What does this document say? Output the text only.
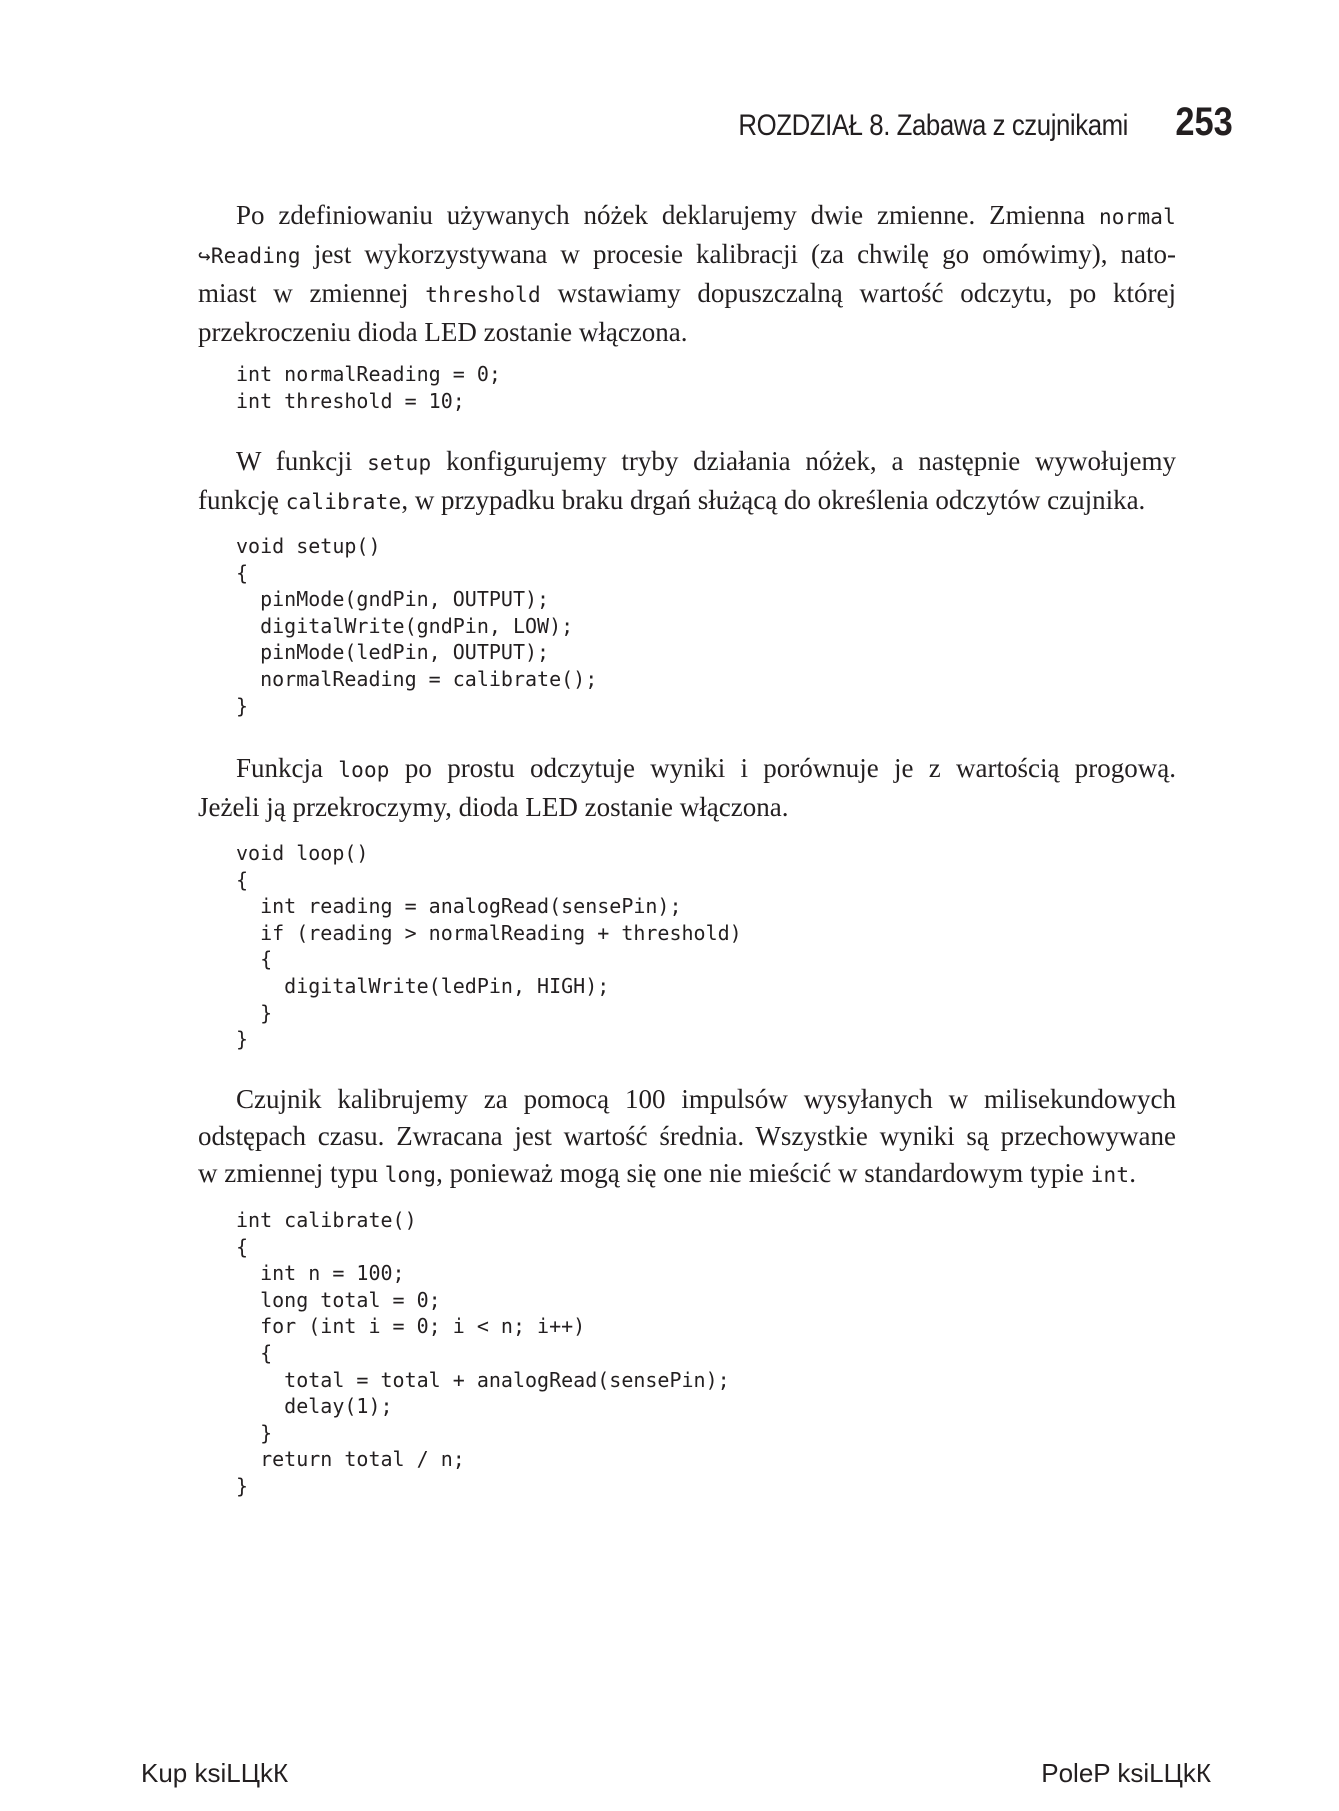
ROZDZIAŁ 8. Zabawa z czujnikami 253
Po zdefiniowaniu używanych nóżek deklarujemy dwie zmienne. Zmienna normal
↪Reading jest wykorzystywana w procesie kalibracji (za chwilę go omówimy), nato-
miast w zmiennej threshold wstawiamy dopuszczalną wartość odczytu, po której
przekroczeniu dioda LED zostanie włączona.
int normalReading = 0;
int threshold = 10;
W funkcji setup konfigurujemy tryby działania nóżek, a następnie wywołujemy
funkcję calibrate, w przypadku braku drgań służącą do określenia odczytów czujnika.
void setup()
{
pinMode(gndPin, OUTPUT);
digitalWrite(gndPin, LOW);
pinMode(ledPin, OUTPUT);
normalReading = calibrate();
}
Funkcja loop po prostu odczytuje wyniki i porównuje je z wartością progową.
Jeżeli ją przekroczymy, dioda LED zostanie włączona.
void loop()
{
int reading = analogRead(sensePin);
if (reading > normalReading + threshold)
{
digitalWrite(ledPin, HIGH);
}
}
Czujnik kalibrujemy za pomocą 100 impulsów wysyłanych w milisekundowych
odstępach czasu. Zwracana jest wartość średnia. Wszystkie wyniki są przechowywane
w zmiennej typu long, ponieważ mogą się one nie mieścić w standardowym typie int.
int calibrate()
{
int n = 100;
long total = 0;
for (int i = 0; i < n; i++)
{
total = total + analogRead(sensePin);
delay(1);
}
return total / n;
}
Kup ksiLЦkК	PoleP ksiLЦkК
